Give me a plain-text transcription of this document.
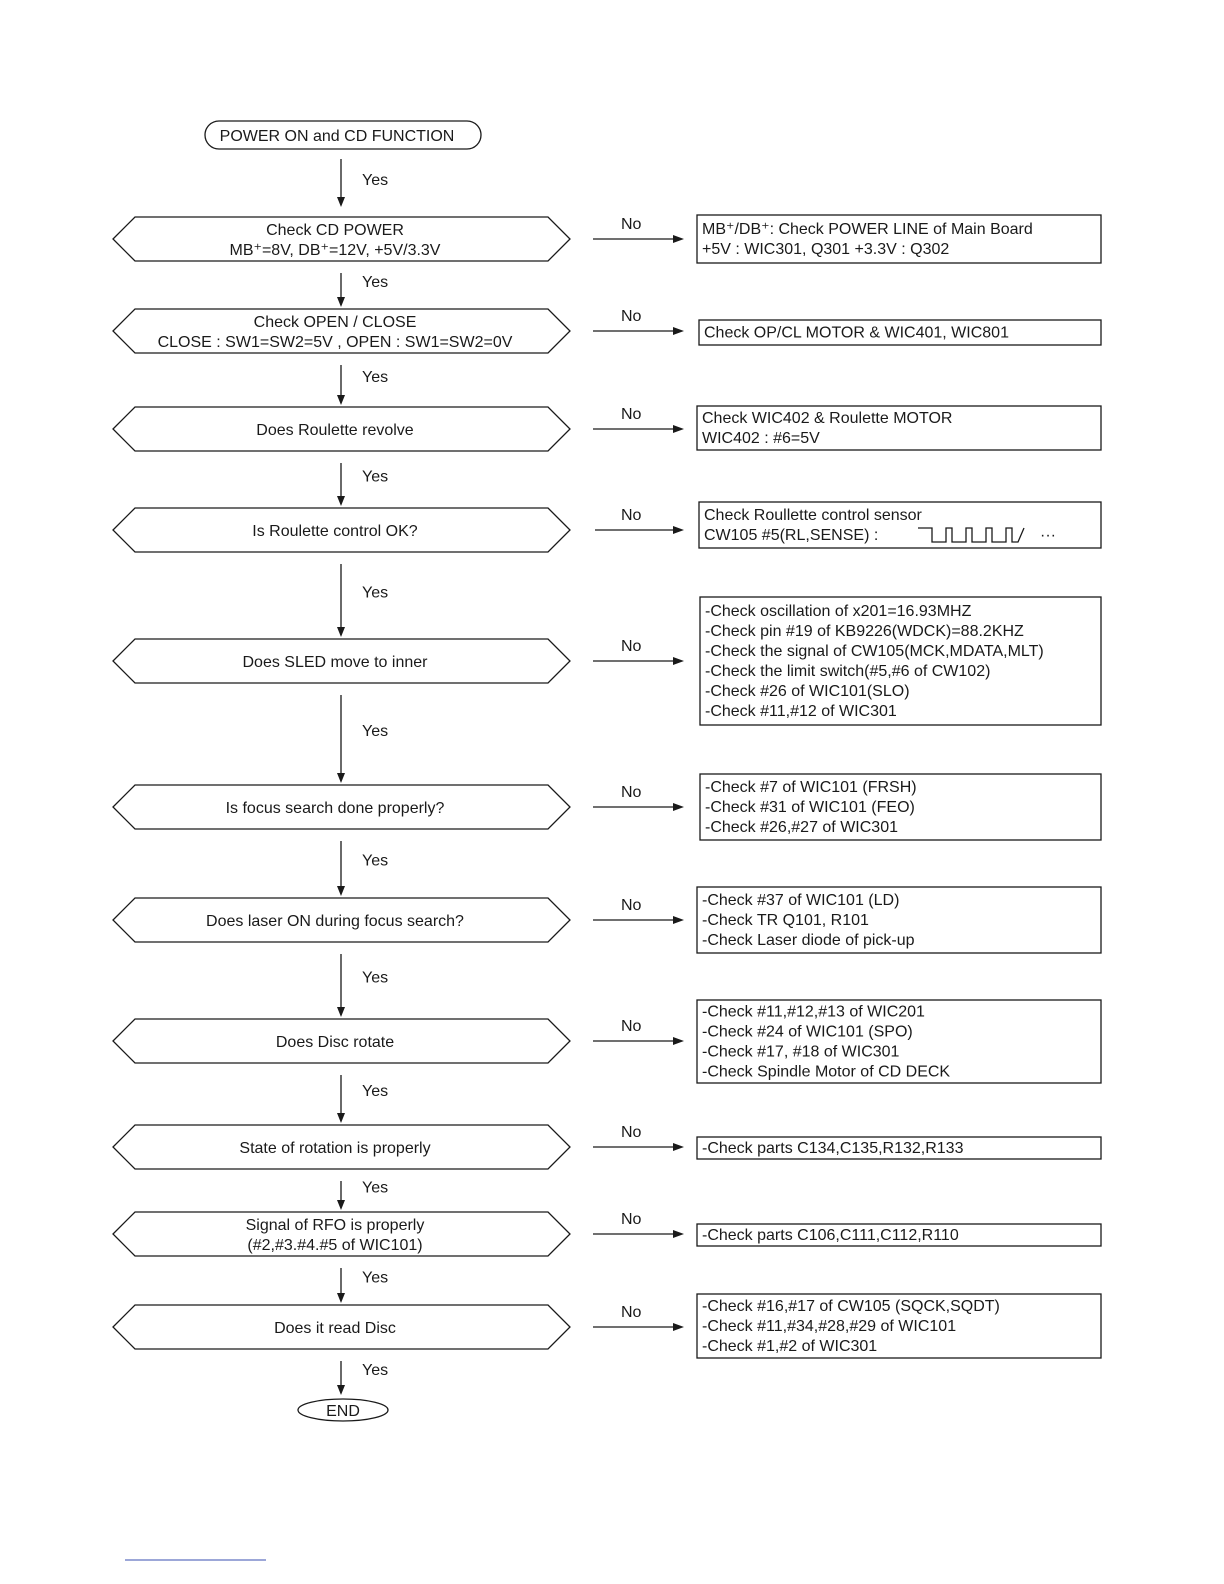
POWER ON and CD FUNCTION
Yes
Check CD POWER
MB⁺=8V, DB⁺=12V, +5V/3.3V
No	MB⁺/DB⁺: Check POWER LINE of Main Board
+5V : WIC301, Q301 +3.3V : Q302
Yes
Check OPEN / CLOSE
CLOSE : SW1=SW2=5V , OPEN : SW1=SW2=0V
No
Check OP/CL MOTOR & WIC401, WIC801
Yes
Does Roulette revolve
No	Check WIC402 & Roulette MOTOR
WIC402 : #6=5V
Yes
Is Roulette control OK?
No	Check Roullette control sensor
CW105 #5(RL,SENSE) :	···
Yes
Does SLED move to inner
No
-Check oscillation of x201=16.93MHZ
-Check pin #19 of KB9226(WDCK)=88.2KHZ
-Check the signal of CW105(MCK,MDATA,MLT)
-Check the limit switch(#5,#6 of CW102)
-Check #26 of WIC101(SLO)
-Check #11,#12 of WIC301
Yes
Is focus search done properly?
No	-Check #7 of WIC101 (FRSH)
-Check #31 of WIC101 (FEO)
-Check #26,#27 of WIC301
Yes
Does laser ON during focus search?
No	-Check #37 of WIC101 (LD)
-Check TR Q101, R101
-Check Laser diode of pick-up
Yes
Does Disc rotate
No
-Check #11,#12,#13 of WIC201
-Check #24 of WIC101 (SPO)
-Check #17, #18 of WIC301
-Check Spindle Motor of CD DECK
Yes
State of rotation is properly
No
-Check parts C134,C135,R132,R133
Yes
Signal of RFO is properly
(#2,#3.#4.#5 of WIC101)
No
-Check parts C106,C111,C112,R110
Yes
Does it read Disc
No	-Check #16,#17 of CW105 (SQCK,SQDT)
-Check #11,#34,#28,#29 of WIC101
-Check #1,#2 of WIC301
Yes
END
